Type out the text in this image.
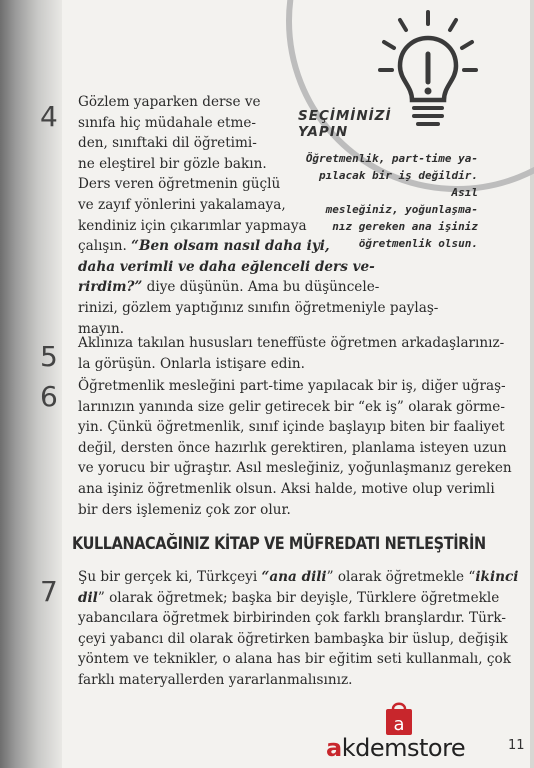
SEÇİMİNİZİ
YAPIN
Öğretmenlik, part-time ya-
pılacak bir iş değildir. Asıl
mesleğiniz, yoğunlaşma-
nız gereken ana işiniz
öğretmenlik olsun.
4 Gözlem yaparken derse ve
sınıfa hiç müdahale etme-
den, sınıftaki dil öğretimi-
ne eleştirel bir gözle bakın.
Ders veren öğretmenin güçlü
ve zayıf yönlerini yakalamaya,
kendiniz için çıkarımlar yapmaya
çalışın. “Ben olsam nasıl daha iyi,
daha verimli ve daha eğlenceli ders ve-
rirdim?” diye düşünün. Ama bu düşüncele-
rinizi, gözlem yaptığınız sınıfın öğretmeniyle paylaş-
mayın.
5 Aklınıza takılan hususları teneffüste öğretmen arkadaşlarınız-
la görüşün. Onlarla istişare edin.
6 Öğretmenlik mesleğini part-time yapılacak bir iş, diğer uğraş-
larınızın yanında size gelir getirecek bir “ek iş” olarak görme-
yin. Çünkü öğretmenlik, sınıf içinde başlayıp biten bir faaliyet
değil, dersten önce hazırlık gerektiren, planlama isteyen uzun
ve yorucu bir uğraştır. Asıl mesleğiniz, yoğunlaşmanız gereken
ana işiniz öğretmenlik olsun. Aksi halde, motive olup verimli
bir ders işlemeniz çok zor olur.
KULLANACAĞINIZ KİTAP VE MÜFREDATI NETLEŞTİRİN
7 Şu bir gerçek ki, Türkçeyi “ana dili” olarak öğretmekle “ikinci
dil” olarak öğretmek; başka bir deyişle, Türklere öğretmekle
yabancılara öğretmek birbirinden çok farklı branşlardır. Türk-
çeyi yabancı dil olarak öğretirken bambaşka bir üslup, değişik
yöntem ve teknikler, o alana has bir eğitim seti kullanmalı, çok
farklı materyallerden yararlanmalısınız.
a
akdemstore	11
